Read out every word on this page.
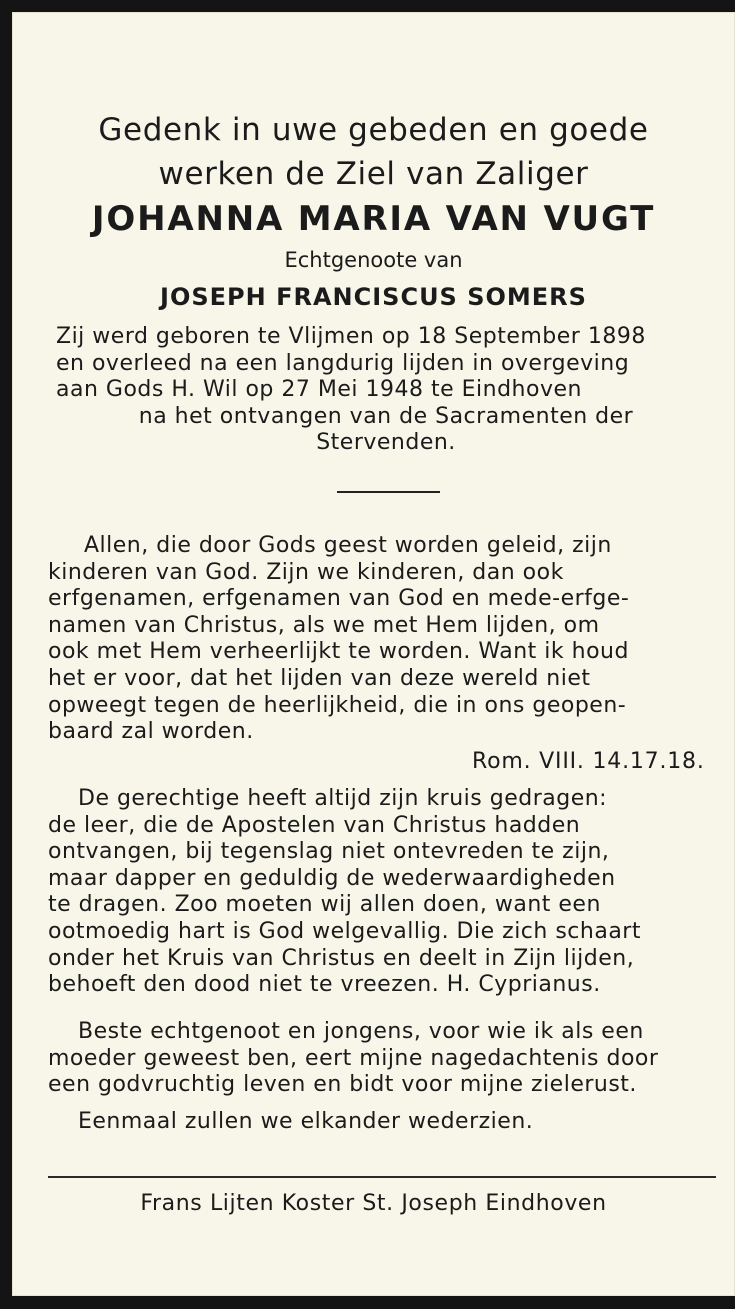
Gedenk in uwe gebeden en goede
werken de Ziel van Zaliger
JOHANNA MARIA VAN VUGT
Echtgenoote van
JOSEPH FRANCISCUS SOMERS
Zij werd geboren te Vlijmen op 18 September 1898
en overleed na een langdurig lijden in overgeving
aan Gods H. Wil op 27 Mei 1948 te Eindhoven
na het ontvangen van de Sacramenten der
Stervenden.
Allen, die door Gods geest worden geleid, zijn
kinderen van God. Zijn we kinderen, dan ook
erfgenamen, erfgenamen van God en mede-erfge-
namen van Christus, als we met Hem lijden, om
ook met Hem verheerlijkt te worden. Want ik houd
het er voor, dat het lijden van deze wereld niet
opweegt tegen de heerlijkheid, die in ons geopen-
baard zal worden.
Rom. VIII. 14.17.18.
De gerechtige heeft altijd zijn kruis gedragen:
de leer, die de Apostelen van Christus hadden
ontvangen, bij tegenslag niet ontevreden te zijn,
maar dapper en geduldig de wederwaardigheden
te dragen. Zoo moeten wij allen doen, want een
ootmoedig hart is God welgevallig. Die zich schaart
onder het Kruis van Christus en deelt in Zijn lijden,
behoeft den dood niet te vreezen. H. Cyprianus.
Beste echtgenoot en jongens, voor wie ik als een
moeder geweest ben, eert mijne nagedachtenis door
een godvruchtig leven en bidt voor mijne zielerust.
Eenmaal zullen we elkander wederzien.
Frans Lijten Koster St. Joseph Eindhoven
